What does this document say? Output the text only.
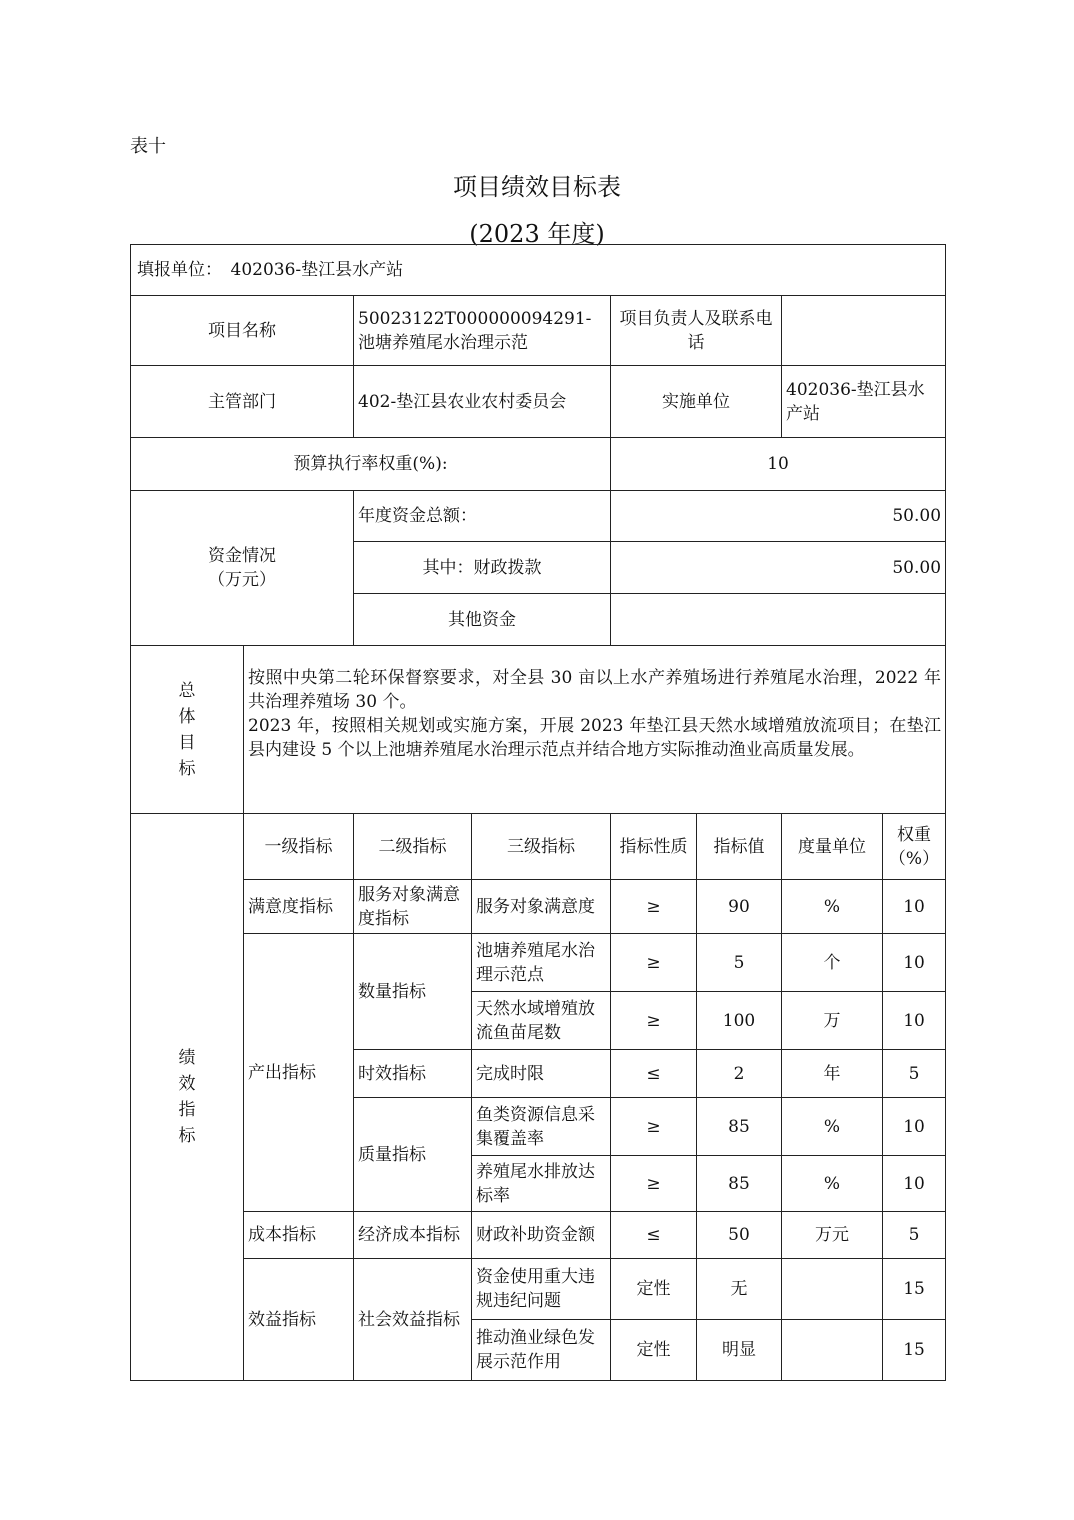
表十
项目绩效目标表
(2023 年度)
填报单位：　402036-垫江县水产站							
项目名称		50023122T000000094291-池塘养殖尾水治理示范		项目负责人及联系电话			
主管部门		402-垫江县农业农村委员会		实施单位		402036-垫江县水产站	
预算执行率权重(%):				10			

资金情况
（万元）		年度资金总额：		50.00			
		其中：财政拨款		50.00			
		其他资金					

总
体
目
标	按照中央第二轮环保督察要求，对全县 30 亩以上水产养殖场进行养殖尾水治理，2022 年共治理养殖场 30 个。
2023 年，按照相关规划或实施方案，开展 2023 年垫江县天然水域增殖放流项目；在垫江县内建设 5 个以上池塘养殖尾水治理示范点并结合地方实际推动渔业高质量发展。						

绩
效
指
标	一级指标	二级指标	三级指标	指标性质	指标值	度量单位	权重（%）
	满意度指标	服务对象满意度指标	服务对象满意度	≥	90	%	10
	产出指标	数量指标	池塘养殖尾水治理示范点	≥	5	个	10
			天然水域增殖放流鱼苗尾数	≥	100	万	10
		时效指标	完成时限	≤	2	年	5
		质量指标	鱼类资源信息采集覆盖率	≥	85	%	10
			养殖尾水排放达标率	≥	85	%	10
	成本指标	经济成本指标	财政补助资金额	≤	50	万元	5
	效益指标	社会效益指标	资金使用重大违规违纪问题	定性	无		15
			推动渔业绿色发展示范作用	定性	明显		15
